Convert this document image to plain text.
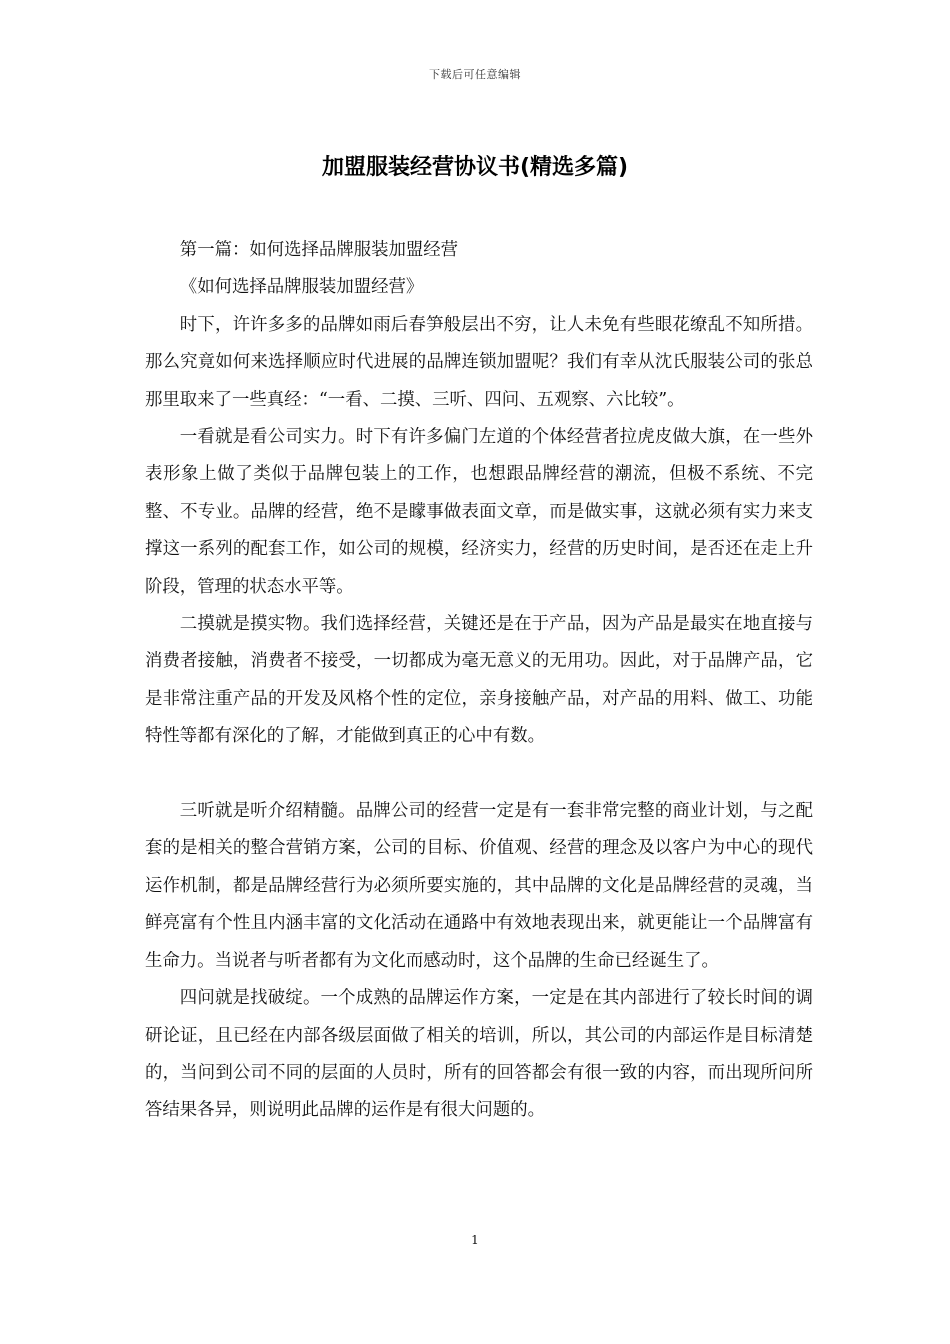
下载后可任意编辑
加盟服装经营协议书(精选多篇)

第一篇：如何选择品牌服装加盟经营

《如何选择品牌服装加盟经营》

时下，许许多多的品牌如雨后春笋般层出不穷，让人未免有些眼花缭乱不知所措。那么究竟如何来选择顺应时代进展的品牌连锁加盟呢？我们有幸从沈氏服装公司的张总那里取来了一些真经：“一看、二摸、三听、四问、五观察、六比较”。

一看就是看公司实力。时下有许多偏门左道的个体经营者拉虎皮做大旗，在一些外表形象上做了类似于品牌包装上的工作，也想跟品牌经营的潮流，但极不系统、不完整、不专业。品牌的经营，绝不是矇事做表面文章，而是做实事，这就必须有实力来支撑这一系列的配套工作，如公司的规模，经济实力，经营的历史时间，是否还在走上升阶段，管理的状态水平等。

二摸就是摸实物。我们选择经营，关键还是在于产品，因为产品是最实在地直接与消费者接触，消费者不接受，一切都成为毫无意义的无用功。因此，对于品牌产品，它是非常注重产品的开发及风格个性的定位，亲身接触产品，对产品的用料、做工、功能特性等都有深化的了解，才能做到真正的心中有数。

三听就是听介绍精髓。品牌公司的经营一定是有一套非常完整的商业计划，与之配套的是相关的整合营销方案，公司的目标、价值观、经营的理念及以客户为中心的现代运作机制，都是品牌经营行为必须所要实施的，其中品牌的文化是品牌经营的灵魂，当鲜亮富有个性且内涵丰富的文化活动在通路中有效地表现出来，就更能让一个品牌富有生命力。当说者与听者都有为文化而感动时，这个品牌的生命已经诞生了。

四问就是找破绽。一个成熟的品牌运作方案，一定是在其内部进行了较长时间的调研论证，且已经在内部各级层面做了相关的培训，所以，其公司的内部运作是目标清楚的，当问到公司不同的层面的人员时，所有的回答都会有很一致的内容，而出现所问所答结果各异，则说明此品牌的运作是有很大问题的。

1
